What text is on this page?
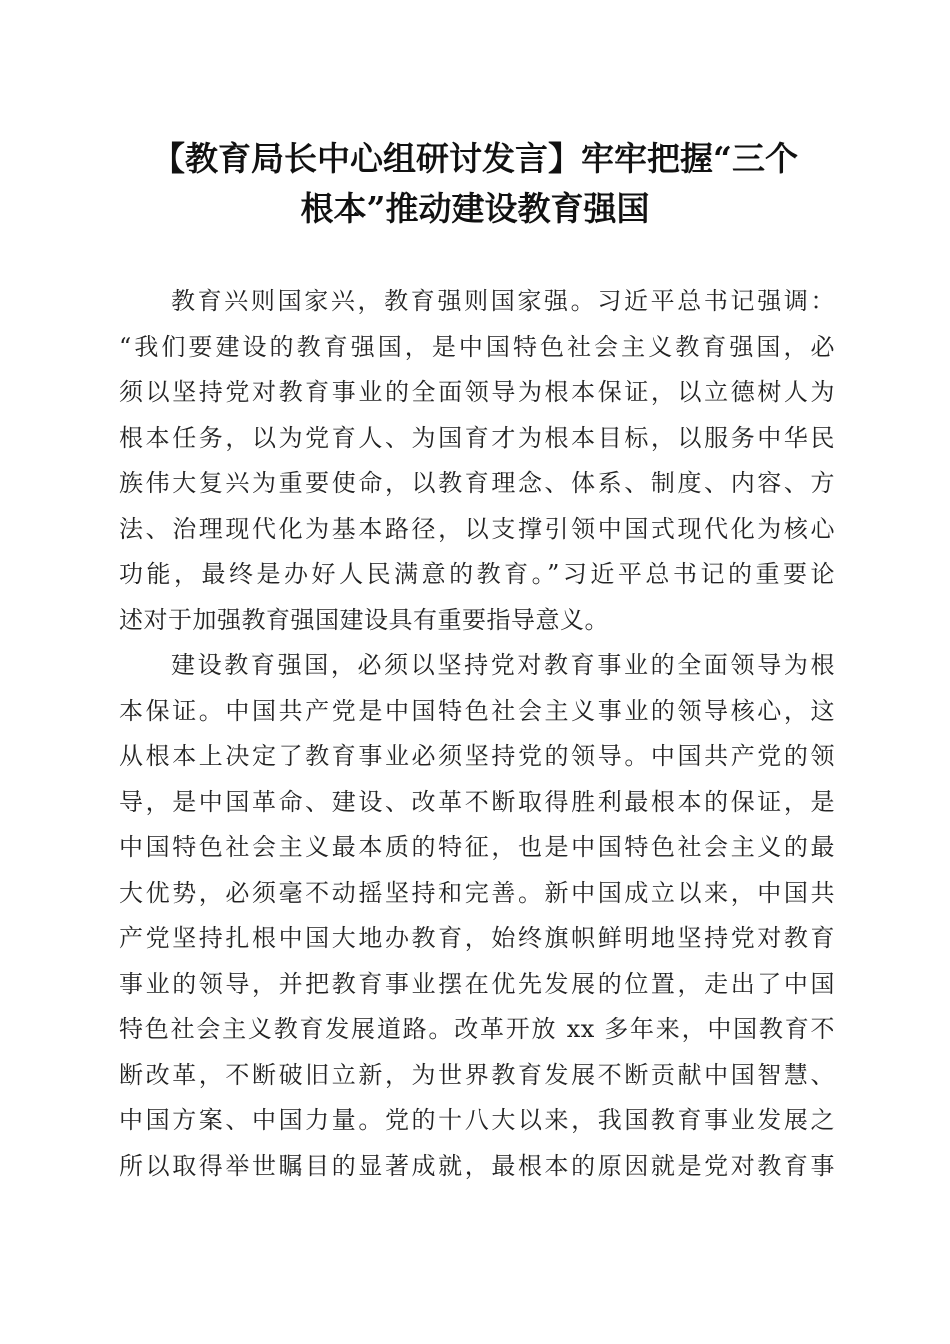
【教育局长中心组研讨发言】牢牢把握“三个
根本”推动建设教育强国
教育兴则国家兴，教育强则国家强。习近平总书记强调：
“我们要建设的教育强国，是中国特色社会主义教育强国，必
须以坚持党对教育事业的全面领导为根本保证，以立德树人为
根本任务，以为党育人、为国育才为根本目标，以服务中华民
族伟大复兴为重要使命，以教育理念、体系、制度、内容、方
法、治理现代化为基本路径，以支撑引领中国式现代化为核心
功能，最终是办好人民满意的教育。”习近平总书记的重要论
述对于加强教育强国建设具有重要指导意义。
建设教育强国，必须以坚持党对教育事业的全面领导为根
本保证。中国共产党是中国特色社会主义事业的领导核心，这
从根本上决定了教育事业必须坚持党的领导。中国共产党的领
导，是中国革命、建设、改革不断取得胜利最根本的保证，是
中国特色社会主义最本质的特征，也是中国特色社会主义的最
大优势，必须毫不动摇坚持和完善。新中国成立以来，中国共
产党坚持扎根中国大地办教育，始终旗帜鲜明地坚持党对教育
事业的领导，并把教育事业摆在优先发展的位置，走出了中国
特色社会主义教育发展道路。改革开放 xx 多年来，中国教育不
断改革，不断破旧立新，为世界教育发展不断贡献中国智慧、
中国方案、中国力量。党的十八大以来，我国教育事业发展之
所以取得举世瞩目的显著成就，最根本的原因就是党对教育事
